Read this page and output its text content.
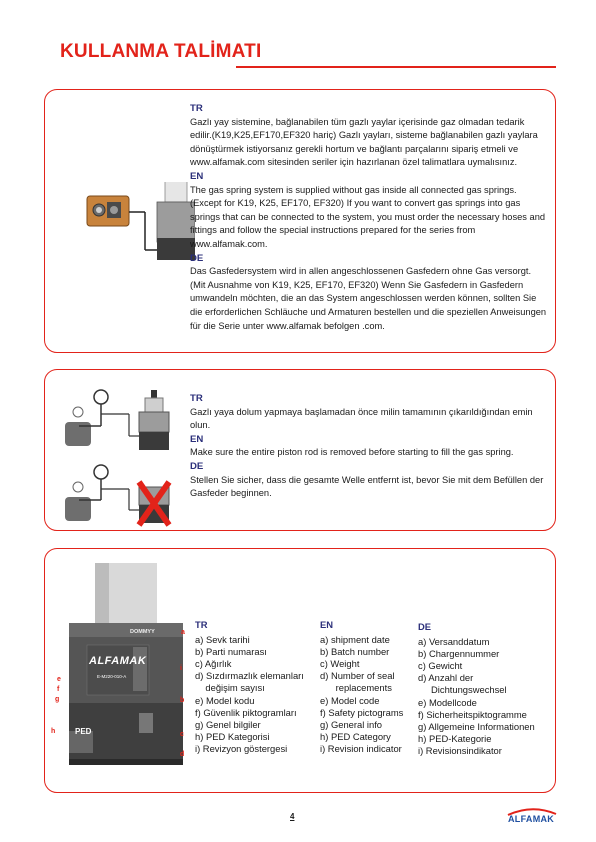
KULLANMA TALİMATI
TR
Gazlı yay sistemine, bağlanabilen tüm gazlı yaylar içerisinde gaz olmadan tedarik edilir.(K19,K25,EF170,EF320 hariç) Gazlı yayları, sisteme bağlanabilen gazlı yaylara dönüştürmek istiyorsanız gerekli hortum ve bağlantı parçalarını sipariş etmeli ve www.alfamak.com sitesinden seriler için hazırlanan özel talimatlara uymalısınız.
EN
The gas spring system is supplied without gas inside all connected gas springs. (Except for K19, K25, EF170, EF320) If you want to convert gas springs into gas springs that can be connected to the system, you must order the necessary hoses and fittings and follow the special instructions prepared for the series from www.alfamak.com.
DE
Das Gasfedersystem wird in allen angeschlossenen Gasfedern ohne Gas versorgt. (Mit Ausnahme von K19, K25, EF170, EF320) Wenn Sie Gasfedern in Gasfedern umwandeln möchten, die an das System angeschlossen werden können, sollten Sie die erforderlichen Schläuche und Armaturen bestellen und die speziellen Anweisungen für die Serie unter www.alfamak befolgen .com.
TR
Gazlı yaya dolum yapmaya başlamadan önce milin tamamının çıkarıldığından emin olun.
EN
Make sure the entire piston rod is removed before starting to fill the gas spring.
DE
Stellen Sie sicher, dass die gesamte Welle entfernt ist, bevor Sie mit dem Befüllen der Gasfeder beginnen.
DOMMYY
ALFAMAK
E-M220-010-A
PED
a
i
e
f
g	b
h	c
d
TR
a) Sevk tarihi
b) Parti numarası
c) Ağırlık
d) Sızdırmazlık elemanları
değişim sayısı
e) Model kodu
f) Güvenlik piktogramları
g) Genel bilgiler
h) PED Kategorisi
i) Revizyon göstergesi
EN
a) shipment date
b) Batch number
c) Weight
d) Number of seal
replacements
e) Model code
f) Safety pictograms
g) General info
h) PED Category
i) Revision indicator
DE
a) Versanddatum
b) Chargennummer
c) Gewicht
d) Anzahl der
Dichtungswechsel
e) Modellcode
f) Sicherheitspiktogramme
g) Allgemeine Informationen
h) PED-Kategorie
i) Revisionsindikator
4	ALFAMAK
